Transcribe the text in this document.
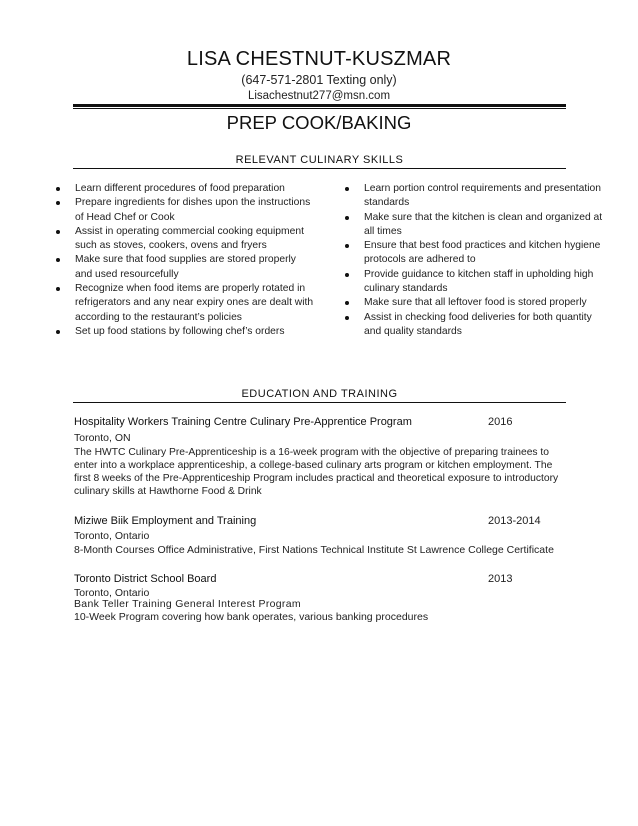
LISA CHESTNUT-KUSZMAR
(647-571-2801 Texting only)
Lisachestnut277@msn.com
PREP COOK/BAKING
RELEVANT CULINARY SKILLS
Learn different procedures of food preparation
Prepare ingredients for dishes upon the instructions of Head Chef or Cook
Assist in operating commercial cooking equipment such as stoves, cookers, ovens and fryers
Make sure that food supplies are stored properly and used resourcefully
Recognize when food items are properly rotated in refrigerators and any near expiry ones are dealt with according to the restaurant’s policies
Set up food stations by following chef’s orders
Learn portion control requirements and presentation standards
Make sure that the kitchen is clean and organized at all times
Ensure that best food practices and kitchen hygiene protocols are adhered to
Provide guidance to kitchen staff in upholding high culinary standards
Make sure that all leftover food is stored properly
Assist in checking food deliveries for both quantity and quality standards
EDUCATION AND TRAINING
Hospitality Workers Training Centre Culinary Pre-Apprentice Program	2016
Toronto, ON
The HWTC Culinary Pre-Apprenticeship is a 16-week program with the objective of preparing trainees to enter into a workplace apprenticeship, a college-based culinary arts program or kitchen employment. The first 8 weeks of the Pre-Apprenticeship Program includes practical and theoretical exposure to introductory culinary skills at Hawthorne Food & Drink
Miziwe Biik Employment and Training	2013-2014
Toronto, Ontario
8-Month Courses Office Administrative, First Nations Technical Institute St Lawrence College Certificate
Toronto District School Board	2013
Toronto, Ontario
Bank Teller Training General Interest Program
10-Week Program covering how bank operates, various banking procedures
